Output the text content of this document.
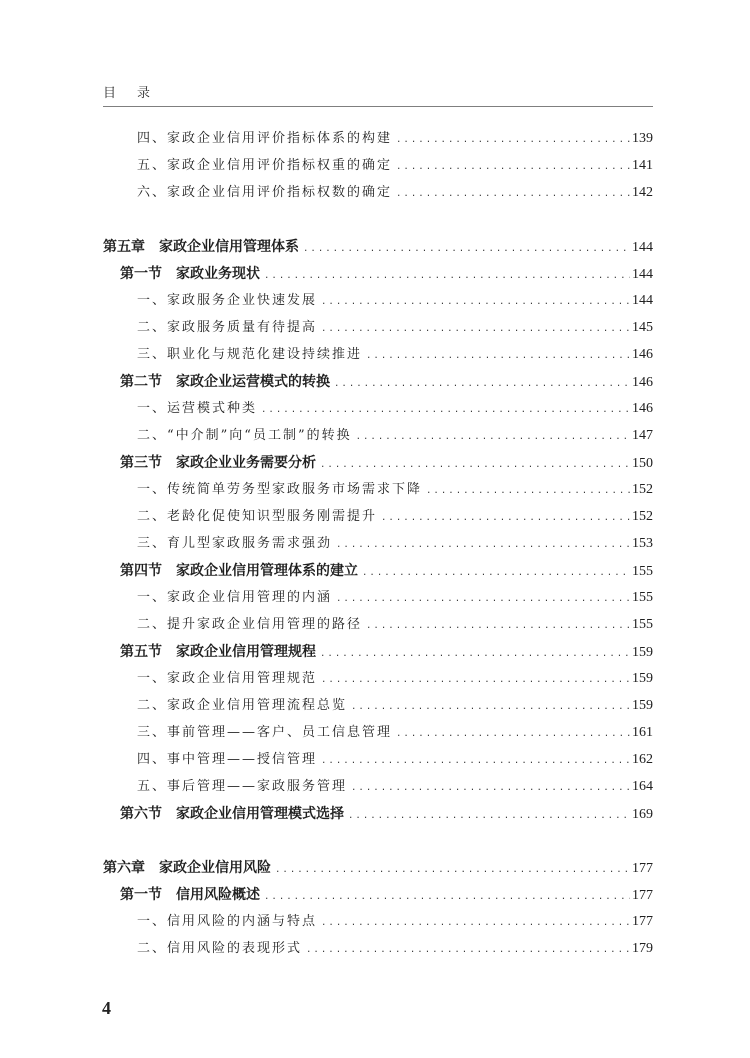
目录
四、家政企业信用评价指标体系的构建 .....	139
五、家政企业信用评价指标权重的确定 .....	141
六、家政企业信用评价指标权数的确定 .....	142
第五章　家政企业信用管理体系 .....	144
第一节　家政业务现状 .....	144
一、家政服务企业快速发展 .....	144
二、家政服务质量有待提高 .....	145
三、职业化与规范化建设持续推进 .....	146
第二节　家政企业运营模式的转换 .....	146
一、运营模式种类 .....	146
二、“中介制”向“员工制”的转换 .....	147
第三节　家政企业业务需要分析 .....	150
一、传统简单劳务型家政服务市场需求下降 .....	152
二、老龄化促使知识型服务刚需提升 .....	152
三、育儿型家政服务需求强劲 .....	153
第四节　家政企业信用管理体系的建立 .....	155
一、家政企业信用管理的内涵 .....	155
二、提升家政企业信用管理的路径 .....	155
第五节　家政企业信用管理规程 .....	159
一、家政企业信用管理规范 .....	159
二、家政企业信用管理流程总览 .....	159
三、事前管理——客户、员工信息管理 .....	161
四、事中管理——授信管理 .....	162
五、事后管理——家政服务管理 .....	164
第六节　家政企业信用管理模式选择 .....	169
第六章　家政企业信用风险 .....	177
第一节　信用风险概述 .....	177
一、信用风险的内涵与特点 .....	177
二、信用风险的表现形式 .....	179
4
